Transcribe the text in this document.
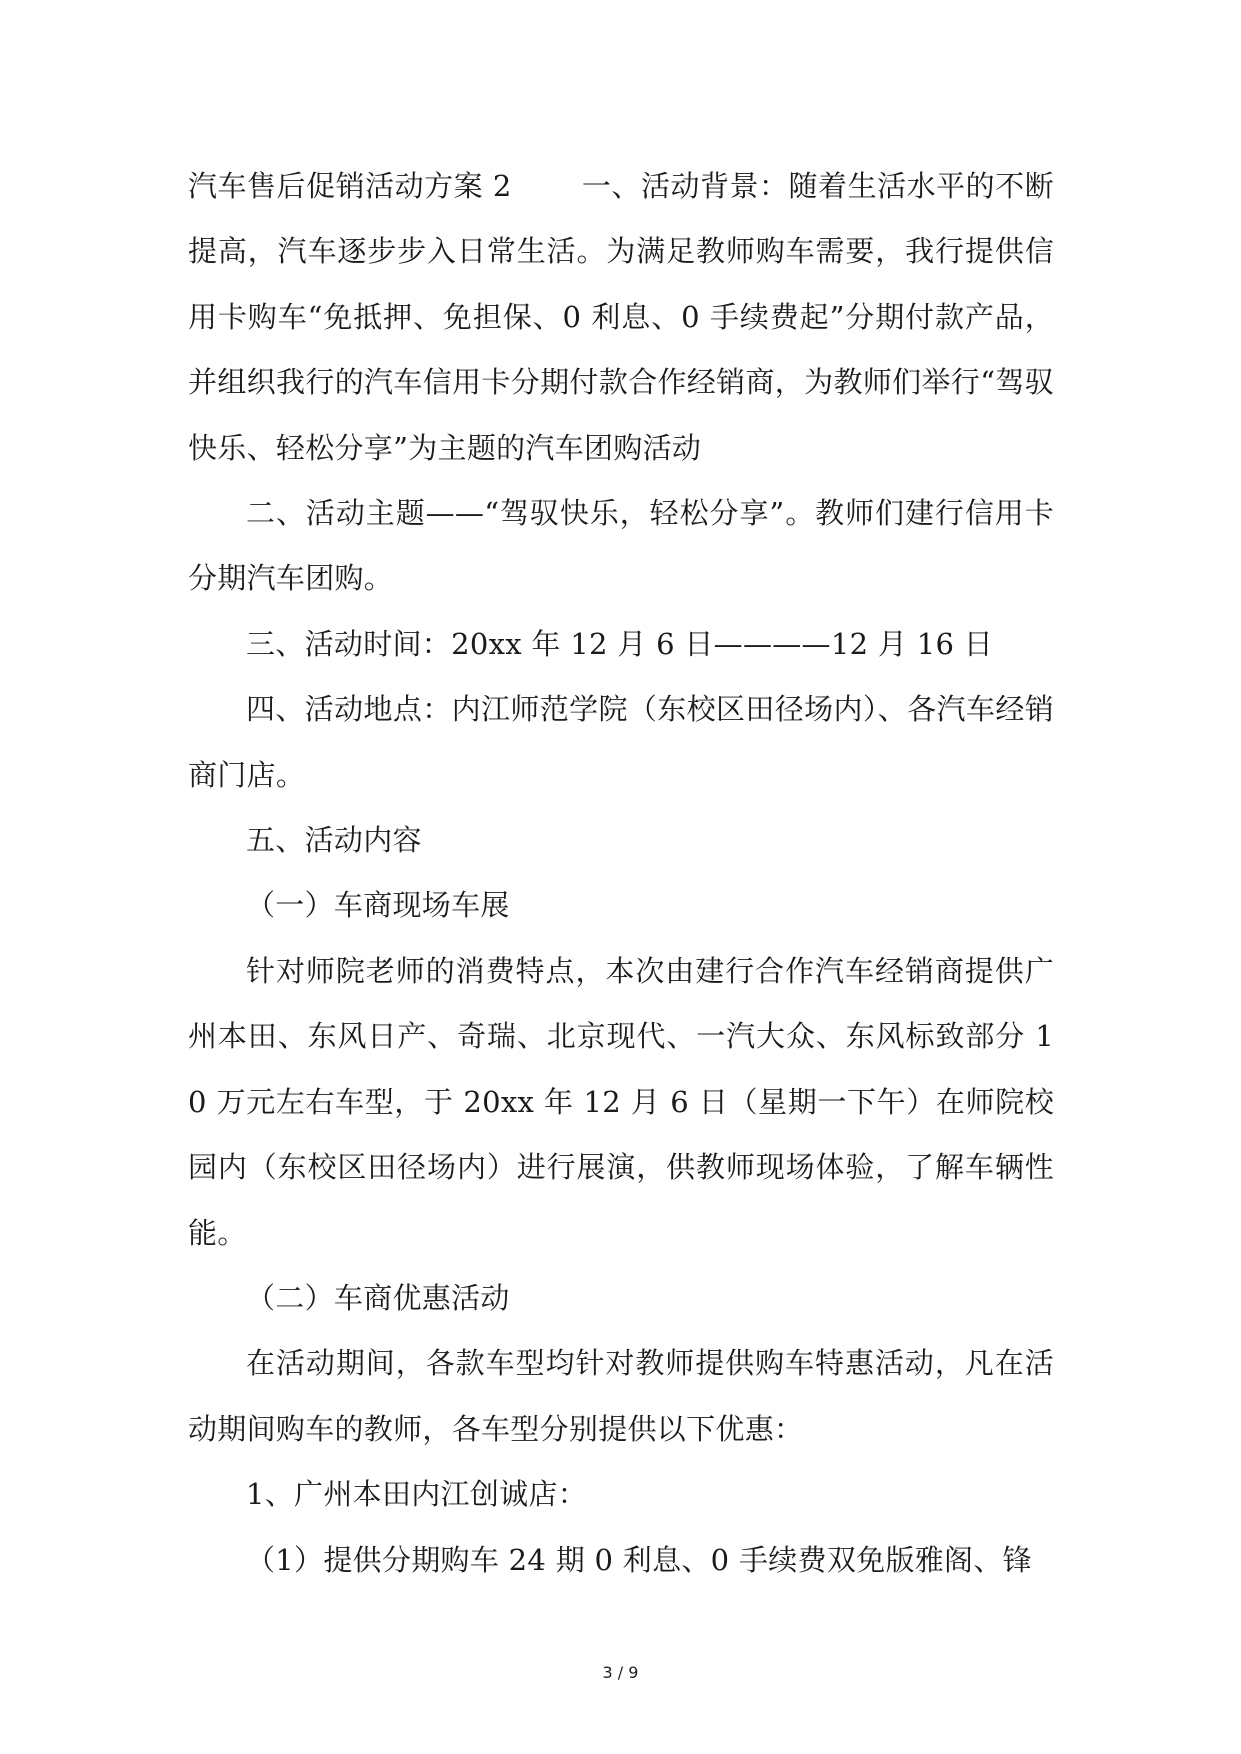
汽车售后促销活动方案 2 一、活动背景：随着生活水平的不断提高，汽车逐步步入日常生活。为满足教师购车需要，我行提供信用卡购车“免抵押、免担保、0 利息、0 手续费起”分期付款产品，并组织我行的汽车信用卡分期付款合作经销商，为教师们举行“驾驭快乐、轻松分享”为主题的汽车团购活动

二、活动主题——“驾驭快乐，轻松分享”。教师们建行信用卡分期汽车团购。

三、活动时间：20xx 年 12 月 6 日————12 月 16 日

四、活动地点：内江师范学院（东校区田径场内）、各汽车经销商门店。

五、活动内容

（一）车商现场车展

针对师院老师的消费特点，本次由建行合作汽车经销商提供广州本田、东风日产、奇瑞、北京现代、一汽大众、东风标致部分 10 万元左右车型，于 20xx 年 12 月 6 日（星期一下午）在师院校园内（东校区田径场内）进行展演，供教师现场体验，了解车辆性能。

（二）车商优惠活动

在活动期间，各款车型均针对教师提供购车特惠活动，凡在活动期间购车的教师，各车型分别提供以下优惠：

1、广州本田内江创诚店：

（1）提供分期购车 24 期 0 利息、0 手续费双免版雅阁、锋

3 / 9
